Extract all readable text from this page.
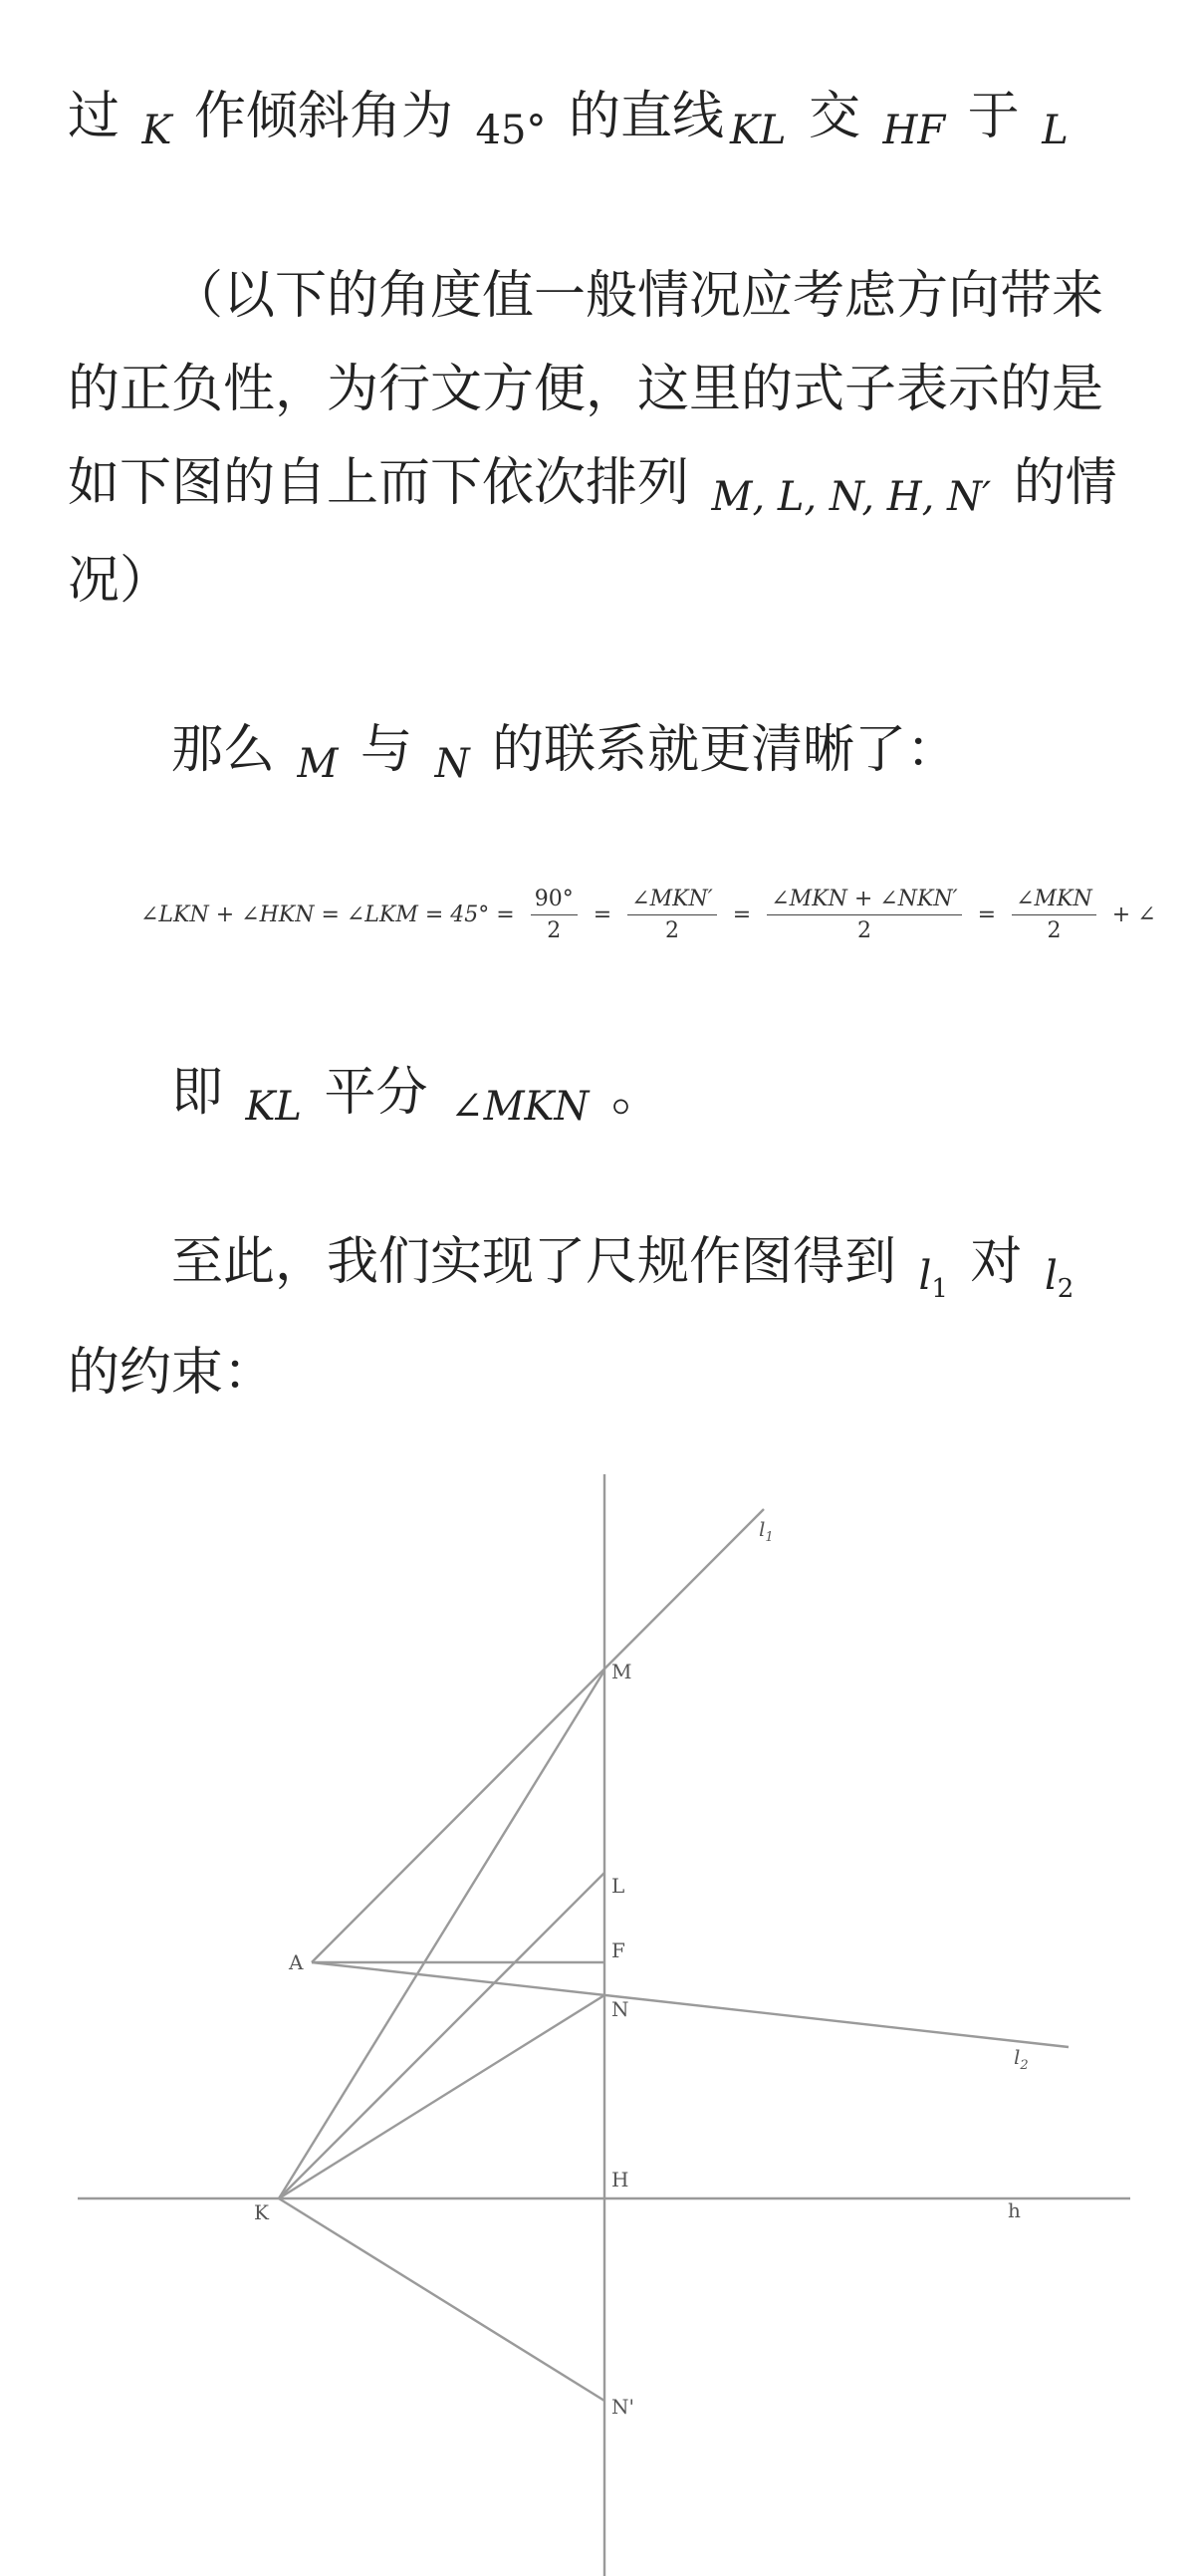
过 K 作倾斜角为 45° 的直线 KL 交 HF 于 L

（以下的角度值一般情况应考虑方向带来的正负性，为行文方便，这里的式子表示的是如下图的自上而下依次排列 M, L, N, H, N′ 的情况）

那么 M 与 N 的联系就更清晰了：

∠LKN + ∠HKN = ∠LKM = $45^\circ = \frac{90^\circ}{2} = \frac{\text{∠MKN′}}{2} = \frac{\text{∠MKN + ∠NKN′}}{2} = \frac{\text{∠MKN}}{2}$ + ∠

即 KL 平分 ∠MKN 。

至此，我们实现了尺规作图得到 $l_1$ 对 $l_2$ 的约束：

$l_1$
M
L
F
A
N
$l_2$
H
K	h
N'
